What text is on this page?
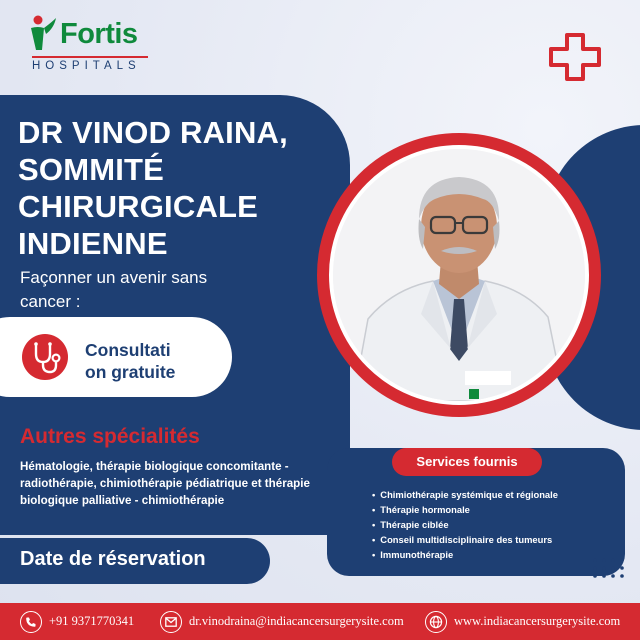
Fortis
HOSPITALS
DR VINOD RAINA,
SOMMITÉ
CHIRURGICALE
INDIENNE
Façonner un avenir sans cancer :
Consultati
on gratuite
Autres spécialités
Hématologie, thérapie biologique concomitante - radiothérapie, chimiothérapie pédiatrique et thérapie biologique palliative - chimiothérapie
Date de réservation
Services fournis
• Chimiothérapie systémique et régionale
• Thérapie hormonale
• Thérapie ciblée
• Conseil multidisciplinaire des tumeurs
• Immunothérapie
+91 9371770341	dr.vinodraina@indiacancersurgerysite.com	www.indiacancersurgerysite.com
